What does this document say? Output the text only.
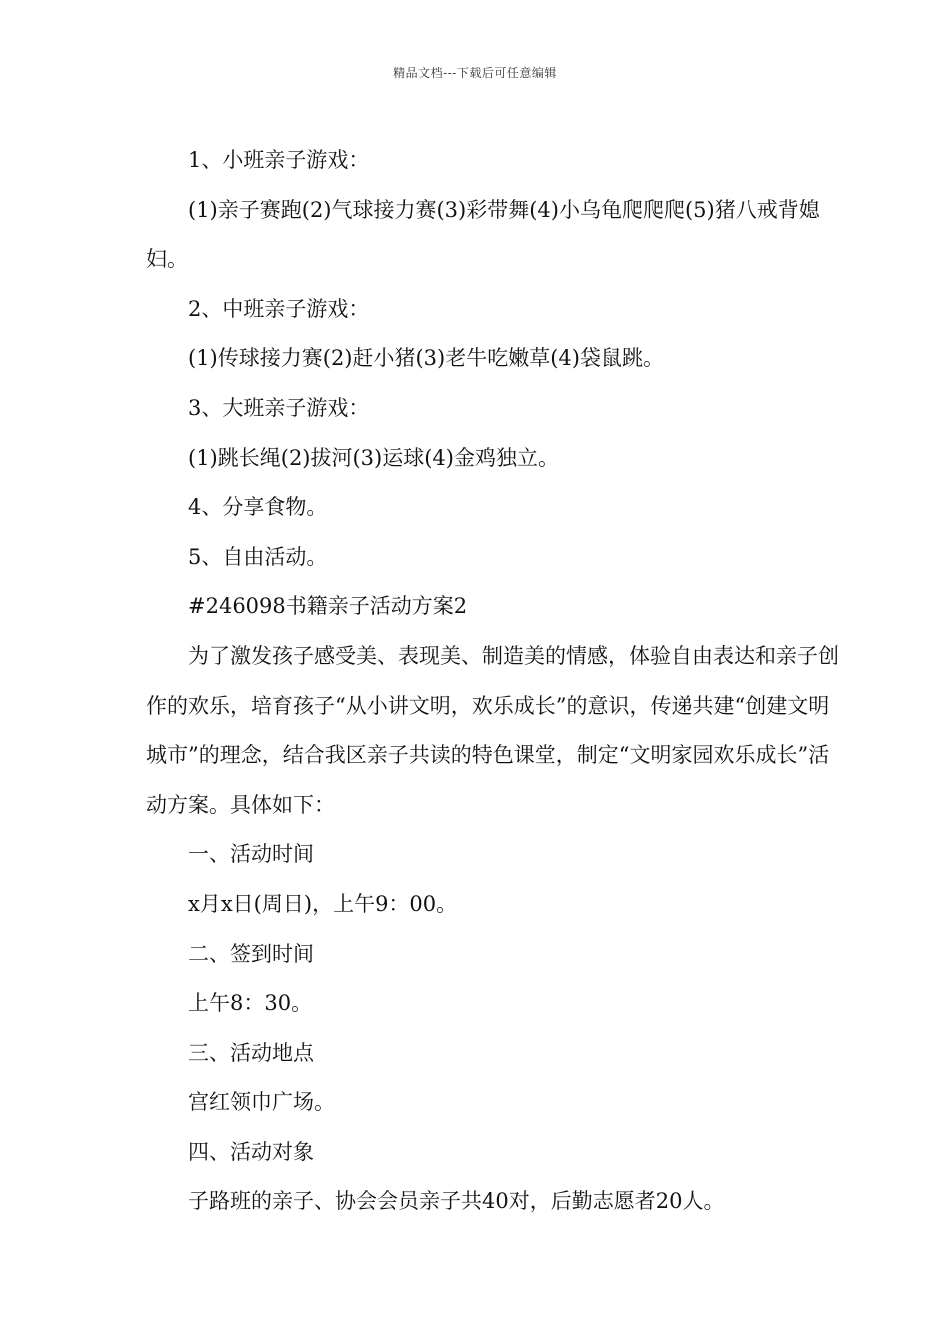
精品文档---下载后可任意编辑

1、小班亲子游戏：

(1)亲子赛跑(2)气球接力赛(3)彩带舞(4)小乌龟爬爬爬(5)猪八戒背媳妇。

2、中班亲子游戏：

(1)传球接力赛(2)赶小猪(3)老牛吃嫩草(4)袋鼠跳。

3、大班亲子游戏：

(1)跳长绳(2)拔河(3)运球(4)金鸡独立。

4、分享食物。

5、自由活动。

#246098书籍亲子活动方案2

为了激发孩子感受美、表现美、制造美的情感，体验自由表达和亲子创作的欢乐，培育孩子“从小讲文明，欢乐成长”的意识，传递共建“创建文明城市”的理念，结合我区亲子共读的特色课堂，制定“文明家园欢乐成长”活动方案。具体如下：

一、活动时间

x月x日(周日)，上午9：00。

二、签到时间

上午8：30。

三、活动地点

宫红领巾广场。

四、活动对象

子路班的亲子、协会会员亲子共40对，后勤志愿者20人。
